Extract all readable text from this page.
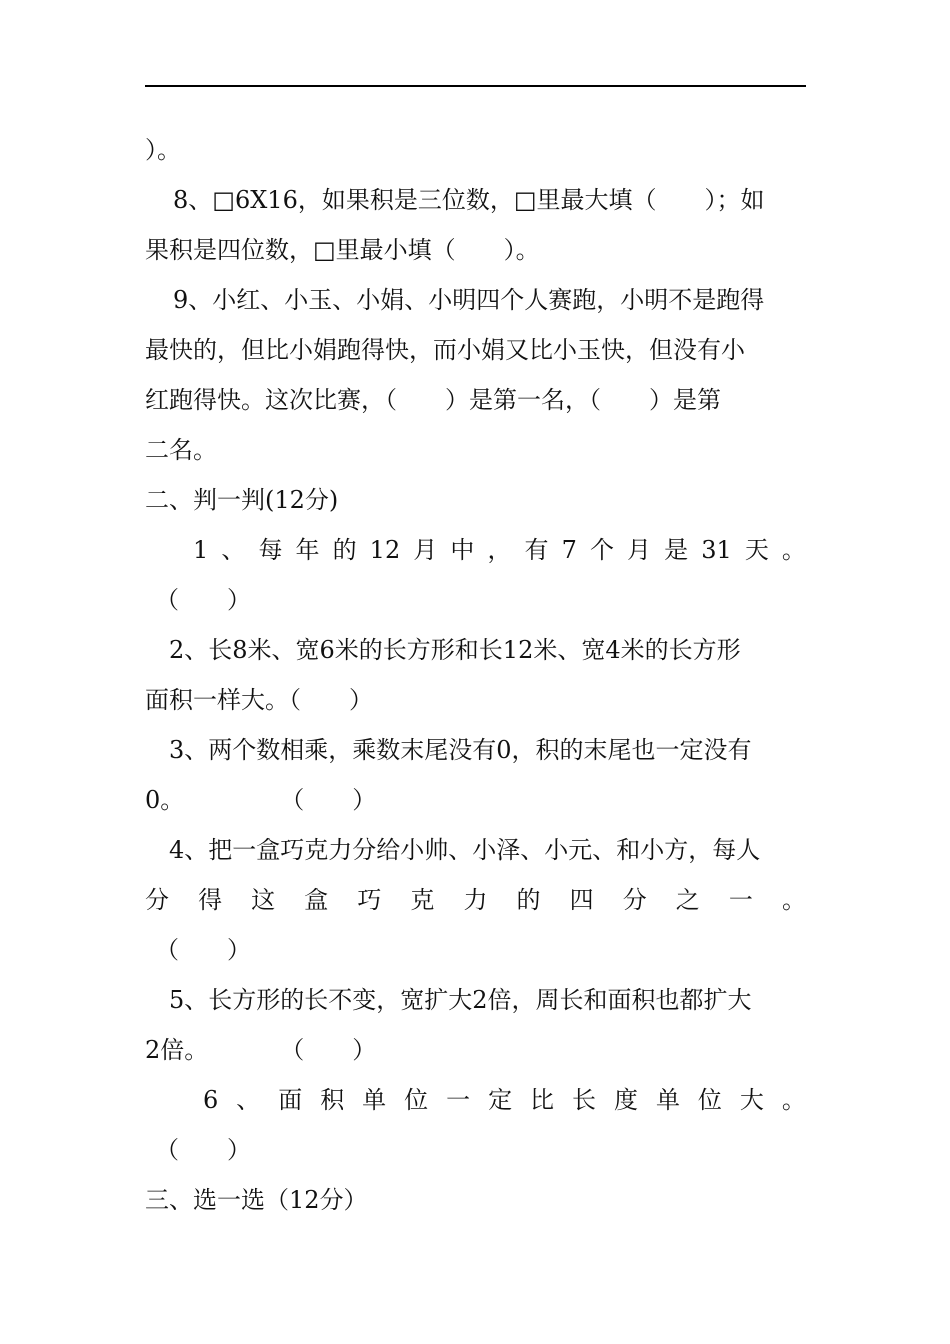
）。
8、□6X16，如果积是三位数，□里最大填（　　）；如
果积是四位数，□里最小填（　　）。
9、小红、小玉、小娟、小明四个人赛跑，小明不是跑得
最快的，但比小娟跑得快，而小娟又比小玉快，但没有小
红跑得快。这次比赛，（　　）是第一名，（　　）是第
二名。
二、判一判(12分)
1 、 每 年 的 12 月 中 ， 有 7 个 月 是 31 天 。
（　　）
2、长8米、宽6米的长方形和长12米、宽4米的长方形
面积一样大。（　　）
3、两个数相乘，乘数末尾没有0，积的末尾也一定没有
0。　　　　　（　　）
4、把一盒巧克力分给小帅、小泽、小元、和小方，每人
分 得 这 盒 巧 克 力 的 四 分 之 一 。
（　　）
5、长方形的长不变，宽扩大2倍，周长和面积也都扩大
2倍。　　　　（　　）
6 、 面 积 单 位 一 定 比 长 度 单 位 大 。
（　　）
三、选一选（12分）
